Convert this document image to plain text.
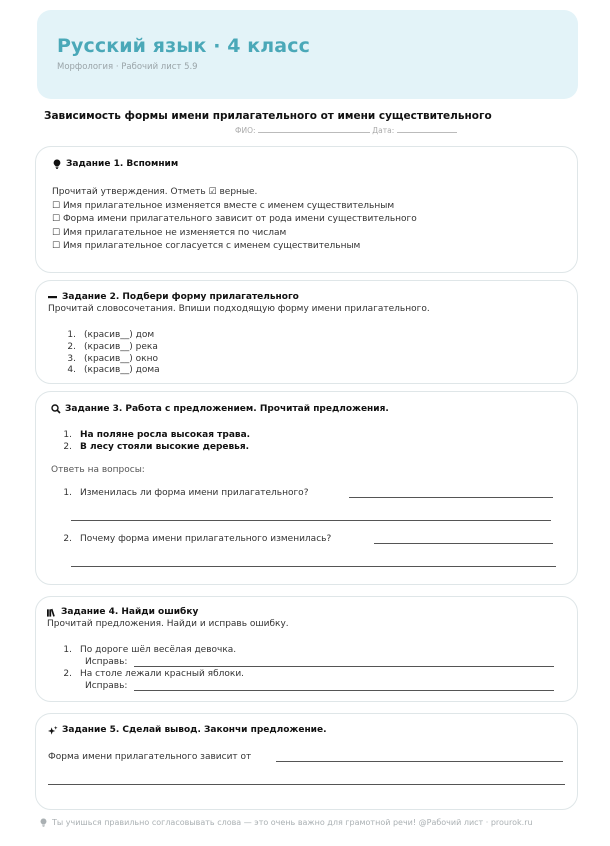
Русский язык · 4 класс
Морфология · Рабочий лист 5.9
Зависимость формы имени прилагательного от имени существительного
ФИО:	Дата:
Задание 1. Вспомним
Прочитай утверждения. Отметь ☑ верные.
☐ Имя прилагательное изменяется вместе с именем существительным
☐ Форма имени прилагательного зависит от рода имени существительного
☐ Имя прилагательное не изменяется по числам
☐ Имя прилагательное согласуется с именем существительным
Задание 2. Подбери форму прилагательного
Прочитай словосочетания. Впиши подходящую форму имени прилагательного.
1. (красив__) дом
2. (красив__) река
3. (красив__) окно
4. (красив__) дома
Задание 3. Работа с предложением. Прочитай предложения.
1. На поляне росла высокая трава.
2. В лесу стояли высокие деревья.
Ответь на вопросы:
1. Изменилась ли форма имени прилагательного?
2. Почему форма имени прилагательного изменилась?
Задание 4. Найди ошибку
Прочитай предложения. Найди и исправь ошибку.
1. По дороге шёл весёлая девочка.
Исправь:
2. На столе лежали красный яблоки.
Исправь:
Задание 5. Сделай вывод. Закончи предложение.
Форма имени прилагательного зависит от
Ты учишься правильно согласовывать слова — это очень важно для грамотной речи! @Рабочий лист · prourok.ru
